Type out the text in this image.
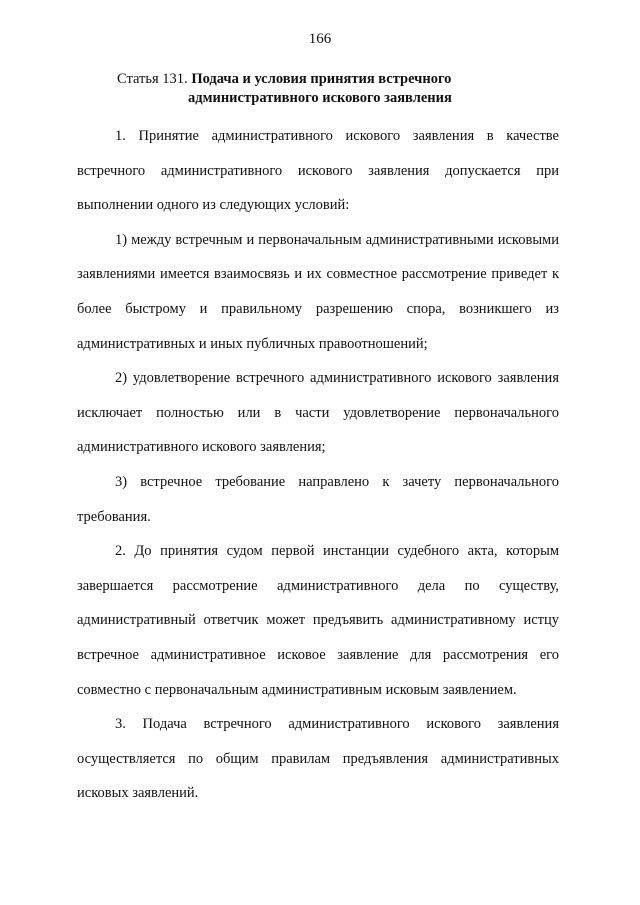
166
Статья 131. Подача и условия принятия встречного
административного искового заявления

1. Принятие административного искового заявления в качестве встречного административного искового заявления допускается при выполнении одного из следующих условий:

1) между встречным и первоначальным административными исковыми заявлениями имеется взаимосвязь и их совместное рассмотрение приведет к более быстрому и правильному разрешению спора, возникшего из административных и иных публичных правоотношений;

2) удовлетворение встречного административного искового заявления исключает полностью или в части удовлетворение первоначального административного искового заявления;

3) встречное требование направлено к зачету первоначального требования.

2. До принятия судом первой инстанции судебного акта, которым завершается рассмотрение административного дела по существу, административный ответчик может предъявить административному истцу встречное административное исковое заявление для рассмотрения его совместно с первоначальным административным исковым заявлением.

3. Подача встречного административного искового заявления осуществляется по общим правилам предъявления административных исковых заявлений.
